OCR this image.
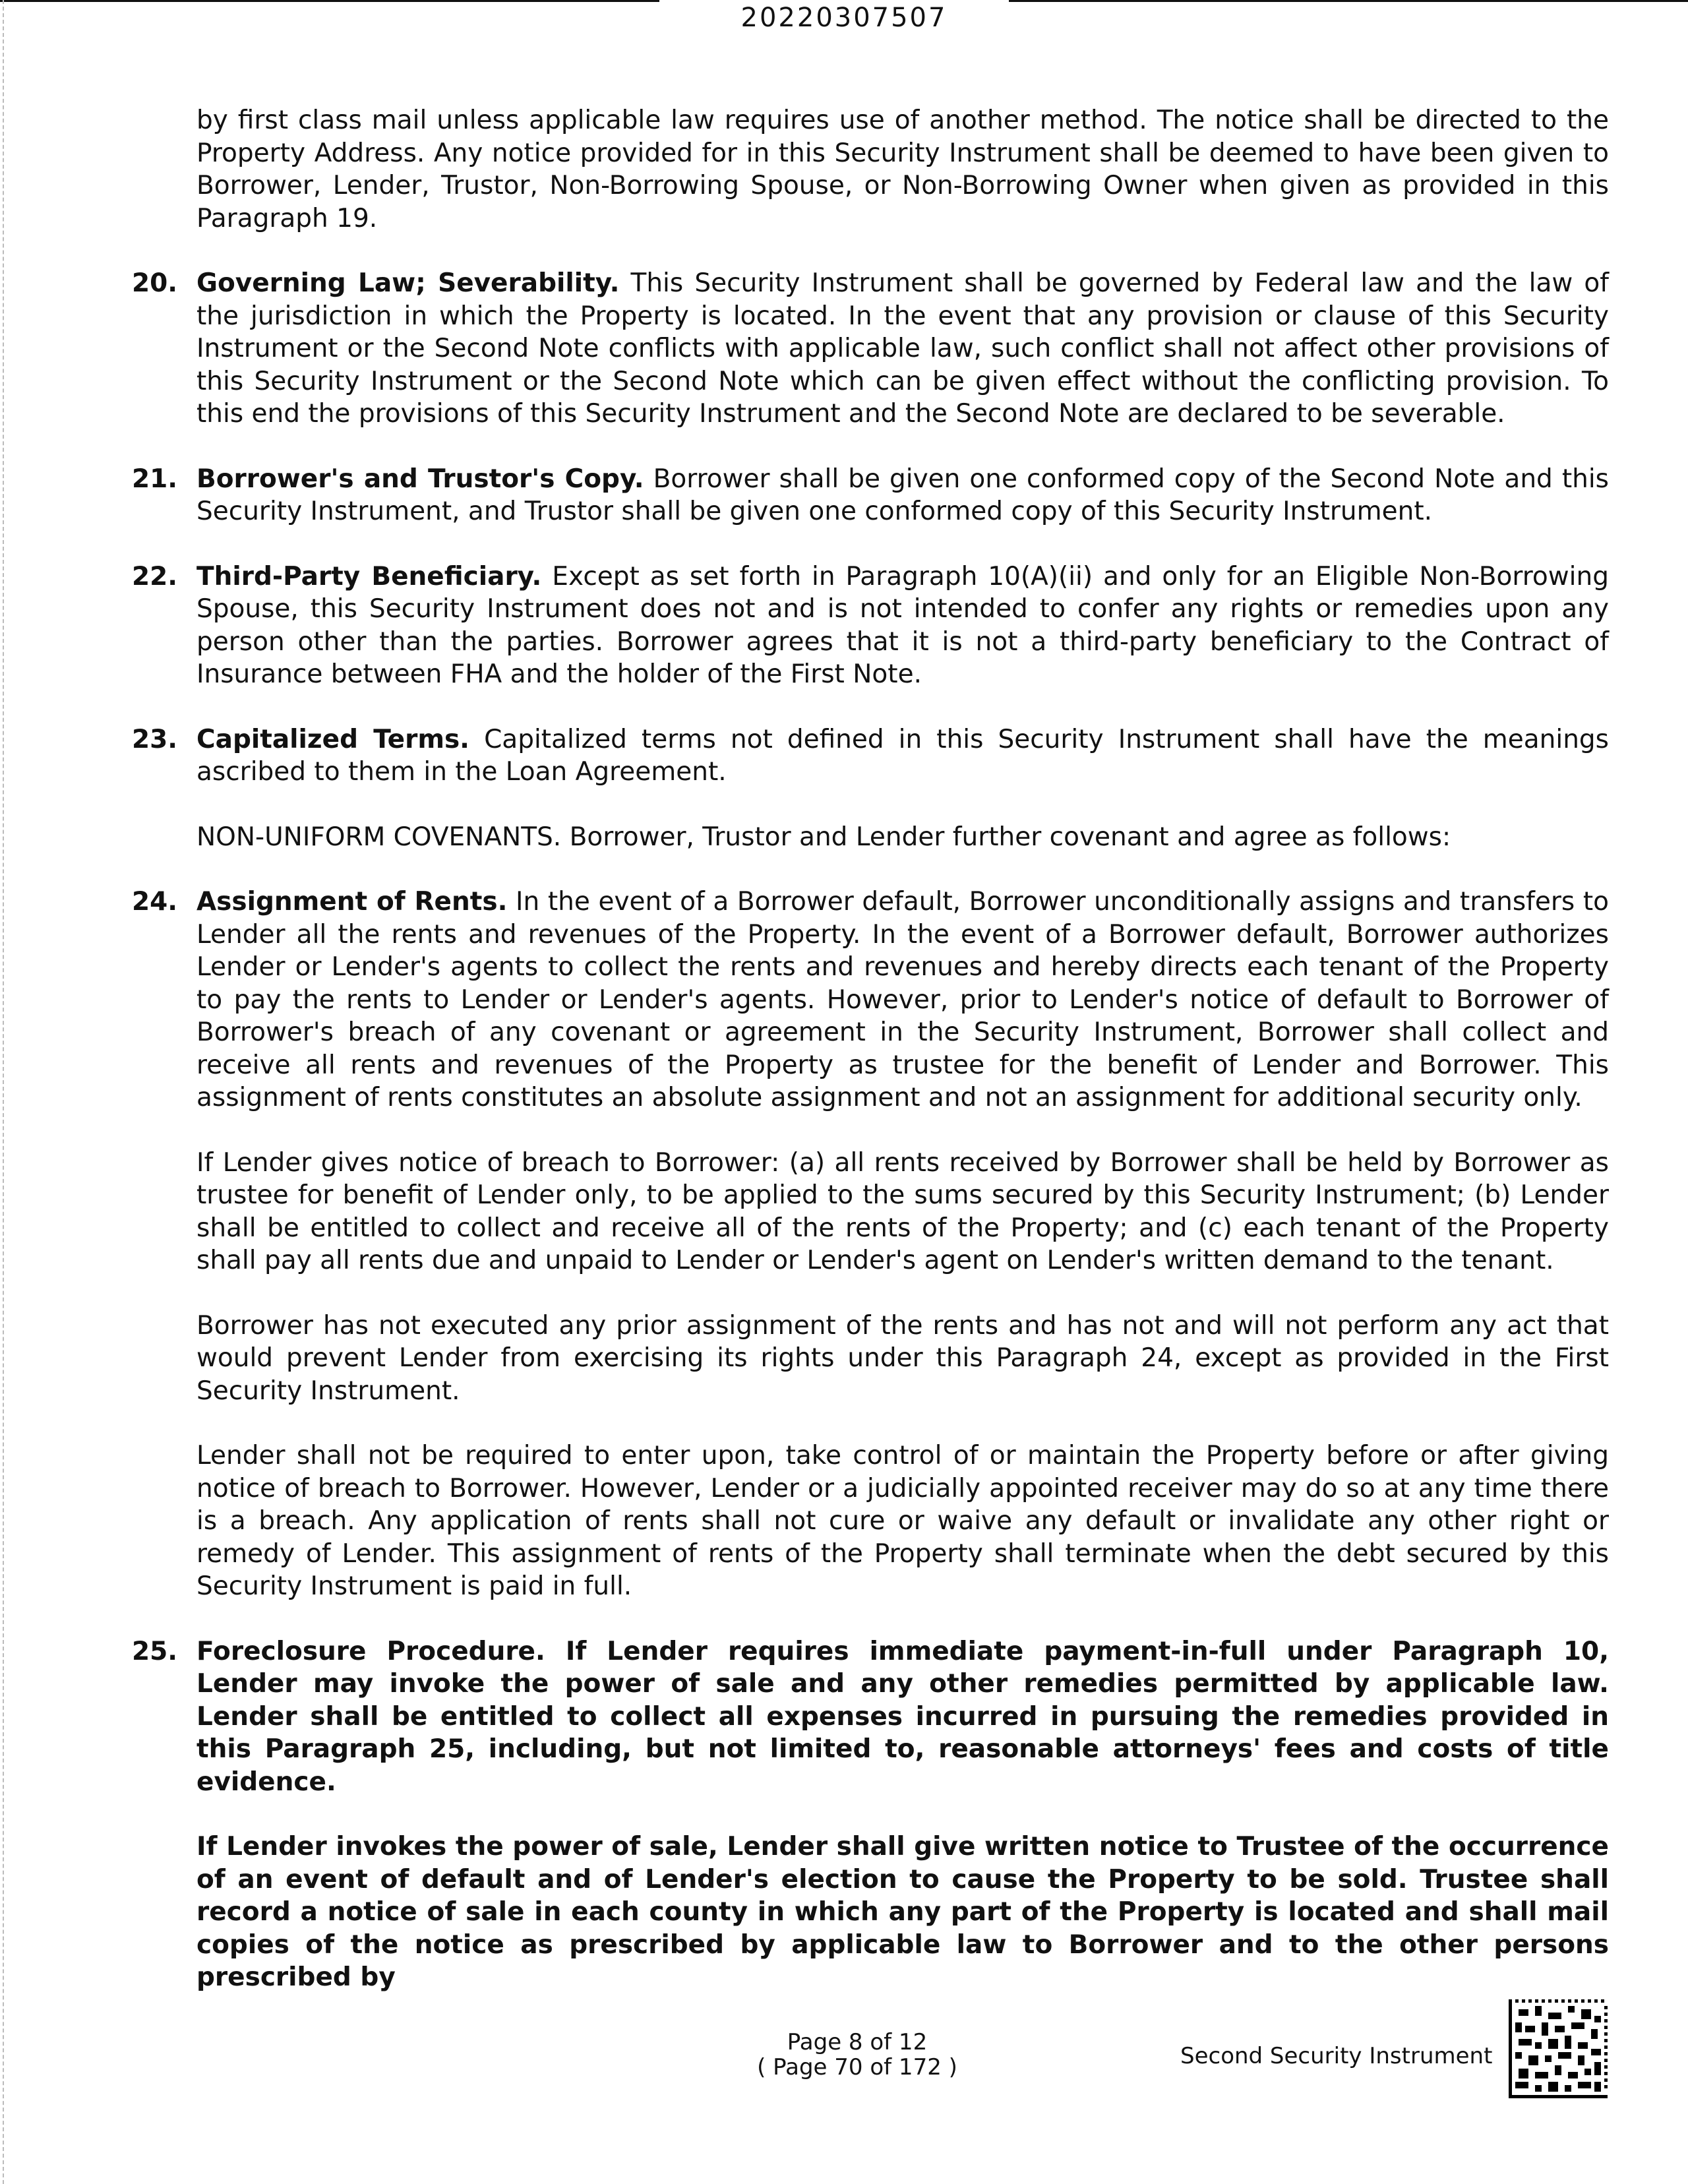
20220307507

by first class mail unless applicable law requires use of another method. The notice shall be directed to the Property Address. Any notice provided for in this Security Instrument shall be deemed to have been given to Borrower, Lender, Trustor, Non-Borrowing Spouse, or Non-Borrowing Owner when given as provided in this Paragraph 19.

20. Governing Law; Severability. This Security Instrument shall be governed by Federal law and the law of the jurisdiction in which the Property is located. In the event that any provision or clause of this Security Instrument or the Second Note conflicts with applicable law, such conflict shall not affect other provisions of this Security Instrument or the Second Note which can be given effect without the conflicting provision. To this end the provisions of this Security Instrument and the Second Note are declared to be severable.

21. Borrower's and Trustor's Copy. Borrower shall be given one conformed copy of the Second Note and this Security Instrument, and Trustor shall be given one conformed copy of this Security Instrument.

22. Third-Party Beneficiary. Except as set forth in Paragraph 10(A)(ii) and only for an Eligible Non-Borrowing Spouse, this Security Instrument does not and is not intended to confer any rights or remedies upon any person other than the parties. Borrower agrees that it is not a third-party beneficiary to the Contract of Insurance between FHA and the holder of the First Note.

23. Capitalized Terms. Capitalized terms not defined in this Security Instrument shall have the meanings ascribed to them in the Loan Agreement.

NON-UNIFORM COVENANTS. Borrower, Trustor and Lender further covenant and agree as follows:

24. Assignment of Rents. In the event of a Borrower default, Borrower unconditionally assigns and transfers to Lender all the rents and revenues of the Property. In the event of a Borrower default, Borrower authorizes Lender or Lender's agents to collect the rents and revenues and hereby directs each tenant of the Property to pay the rents to Lender or Lender's agents. However, prior to Lender's notice of default to Borrower of Borrower's breach of any covenant or agreement in the Security Instrument, Borrower shall collect and receive all rents and revenues of the Property as trustee for the benefit of Lender and Borrower. This assignment of rents constitutes an absolute assignment and not an assignment for additional security only.

If Lender gives notice of breach to Borrower: (a) all rents received by Borrower shall be held by Borrower as trustee for benefit of Lender only, to be applied to the sums secured by this Security Instrument; (b) Lender shall be entitled to collect and receive all of the rents of the Property; and (c) each tenant of the Property shall pay all rents due and unpaid to Lender or Lender's agent on Lender's written demand to the tenant.

Borrower has not executed any prior assignment of the rents and has not and will not perform any act that would prevent Lender from exercising its rights under this Paragraph 24, except as provided in the First Security Instrument.

Lender shall not be required to enter upon, take control of or maintain the Property before or after giving notice of breach to Borrower. However, Lender or a judicially appointed receiver may do so at any time there is a breach. Any application of rents shall not cure or waive any default or invalidate any other right or remedy of Lender. This assignment of rents of the Property shall terminate when the debt secured by this Security Instrument is paid in full.

25. Foreclosure Procedure. If Lender requires immediate payment-in-full under Paragraph 10, Lender may invoke the power of sale and any other remedies permitted by applicable law. Lender shall be entitled to collect all expenses incurred in pursuing the remedies provided in this Paragraph 25, including, but not limited to, reasonable attorneys' fees and costs of title evidence.

If Lender invokes the power of sale, Lender shall give written notice to Trustee of the occurrence of an event of default and of Lender's election to cause the Property to be sold. Trustee shall record a notice of sale in each county in which any part of the Property is located and shall mail copies of the notice as prescribed by applicable law to Borrower and to the other persons prescribed by

Page 8 of 12
( Page 70 of 172 )	Second Security Instrument
